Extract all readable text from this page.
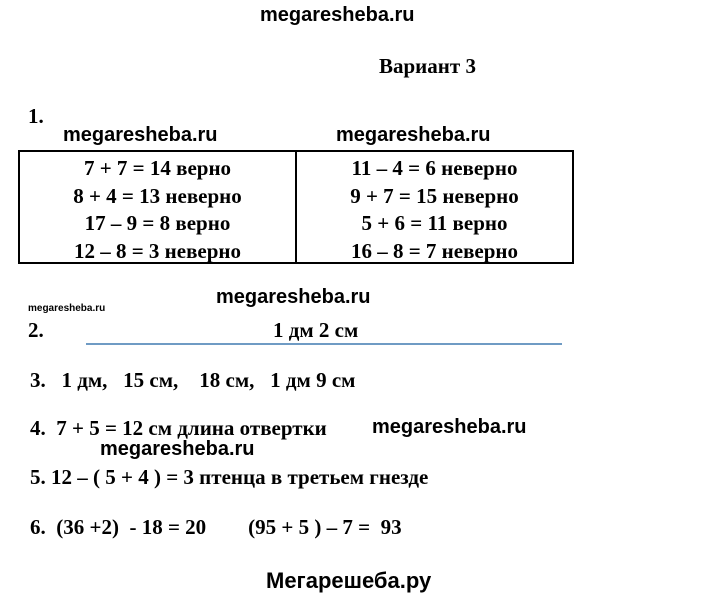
megaresheba.ru
Вариант 3
1.
megaresheba.ru	megaresheba.ru
7 + 7 = 14 верно
8 + 4 = 13 неверно
17 – 9 = 8 верно
12 – 8 = 3 неверно
11 – 4 = 6 неверно
9 + 7 = 15 неверно
5 + 6 = 11 верно
16 – 8 = 7 неверно
megaresheba.ru
megaresheba.ru
2.	1 дм 2 см
3.   1 дм,   15 см,    18 см,   1 дм 9 см
4.  7 + 5 = 12 см длина отвертки megaresheba.ru
megaresheba.ru
5. 12 – ( 5 + 4 ) = 3 птенца в третьем гнезде
6.  (36 +2)  - 18 = 20        (95 + 5 ) – 7 =  93
Мегарешеба.ру
